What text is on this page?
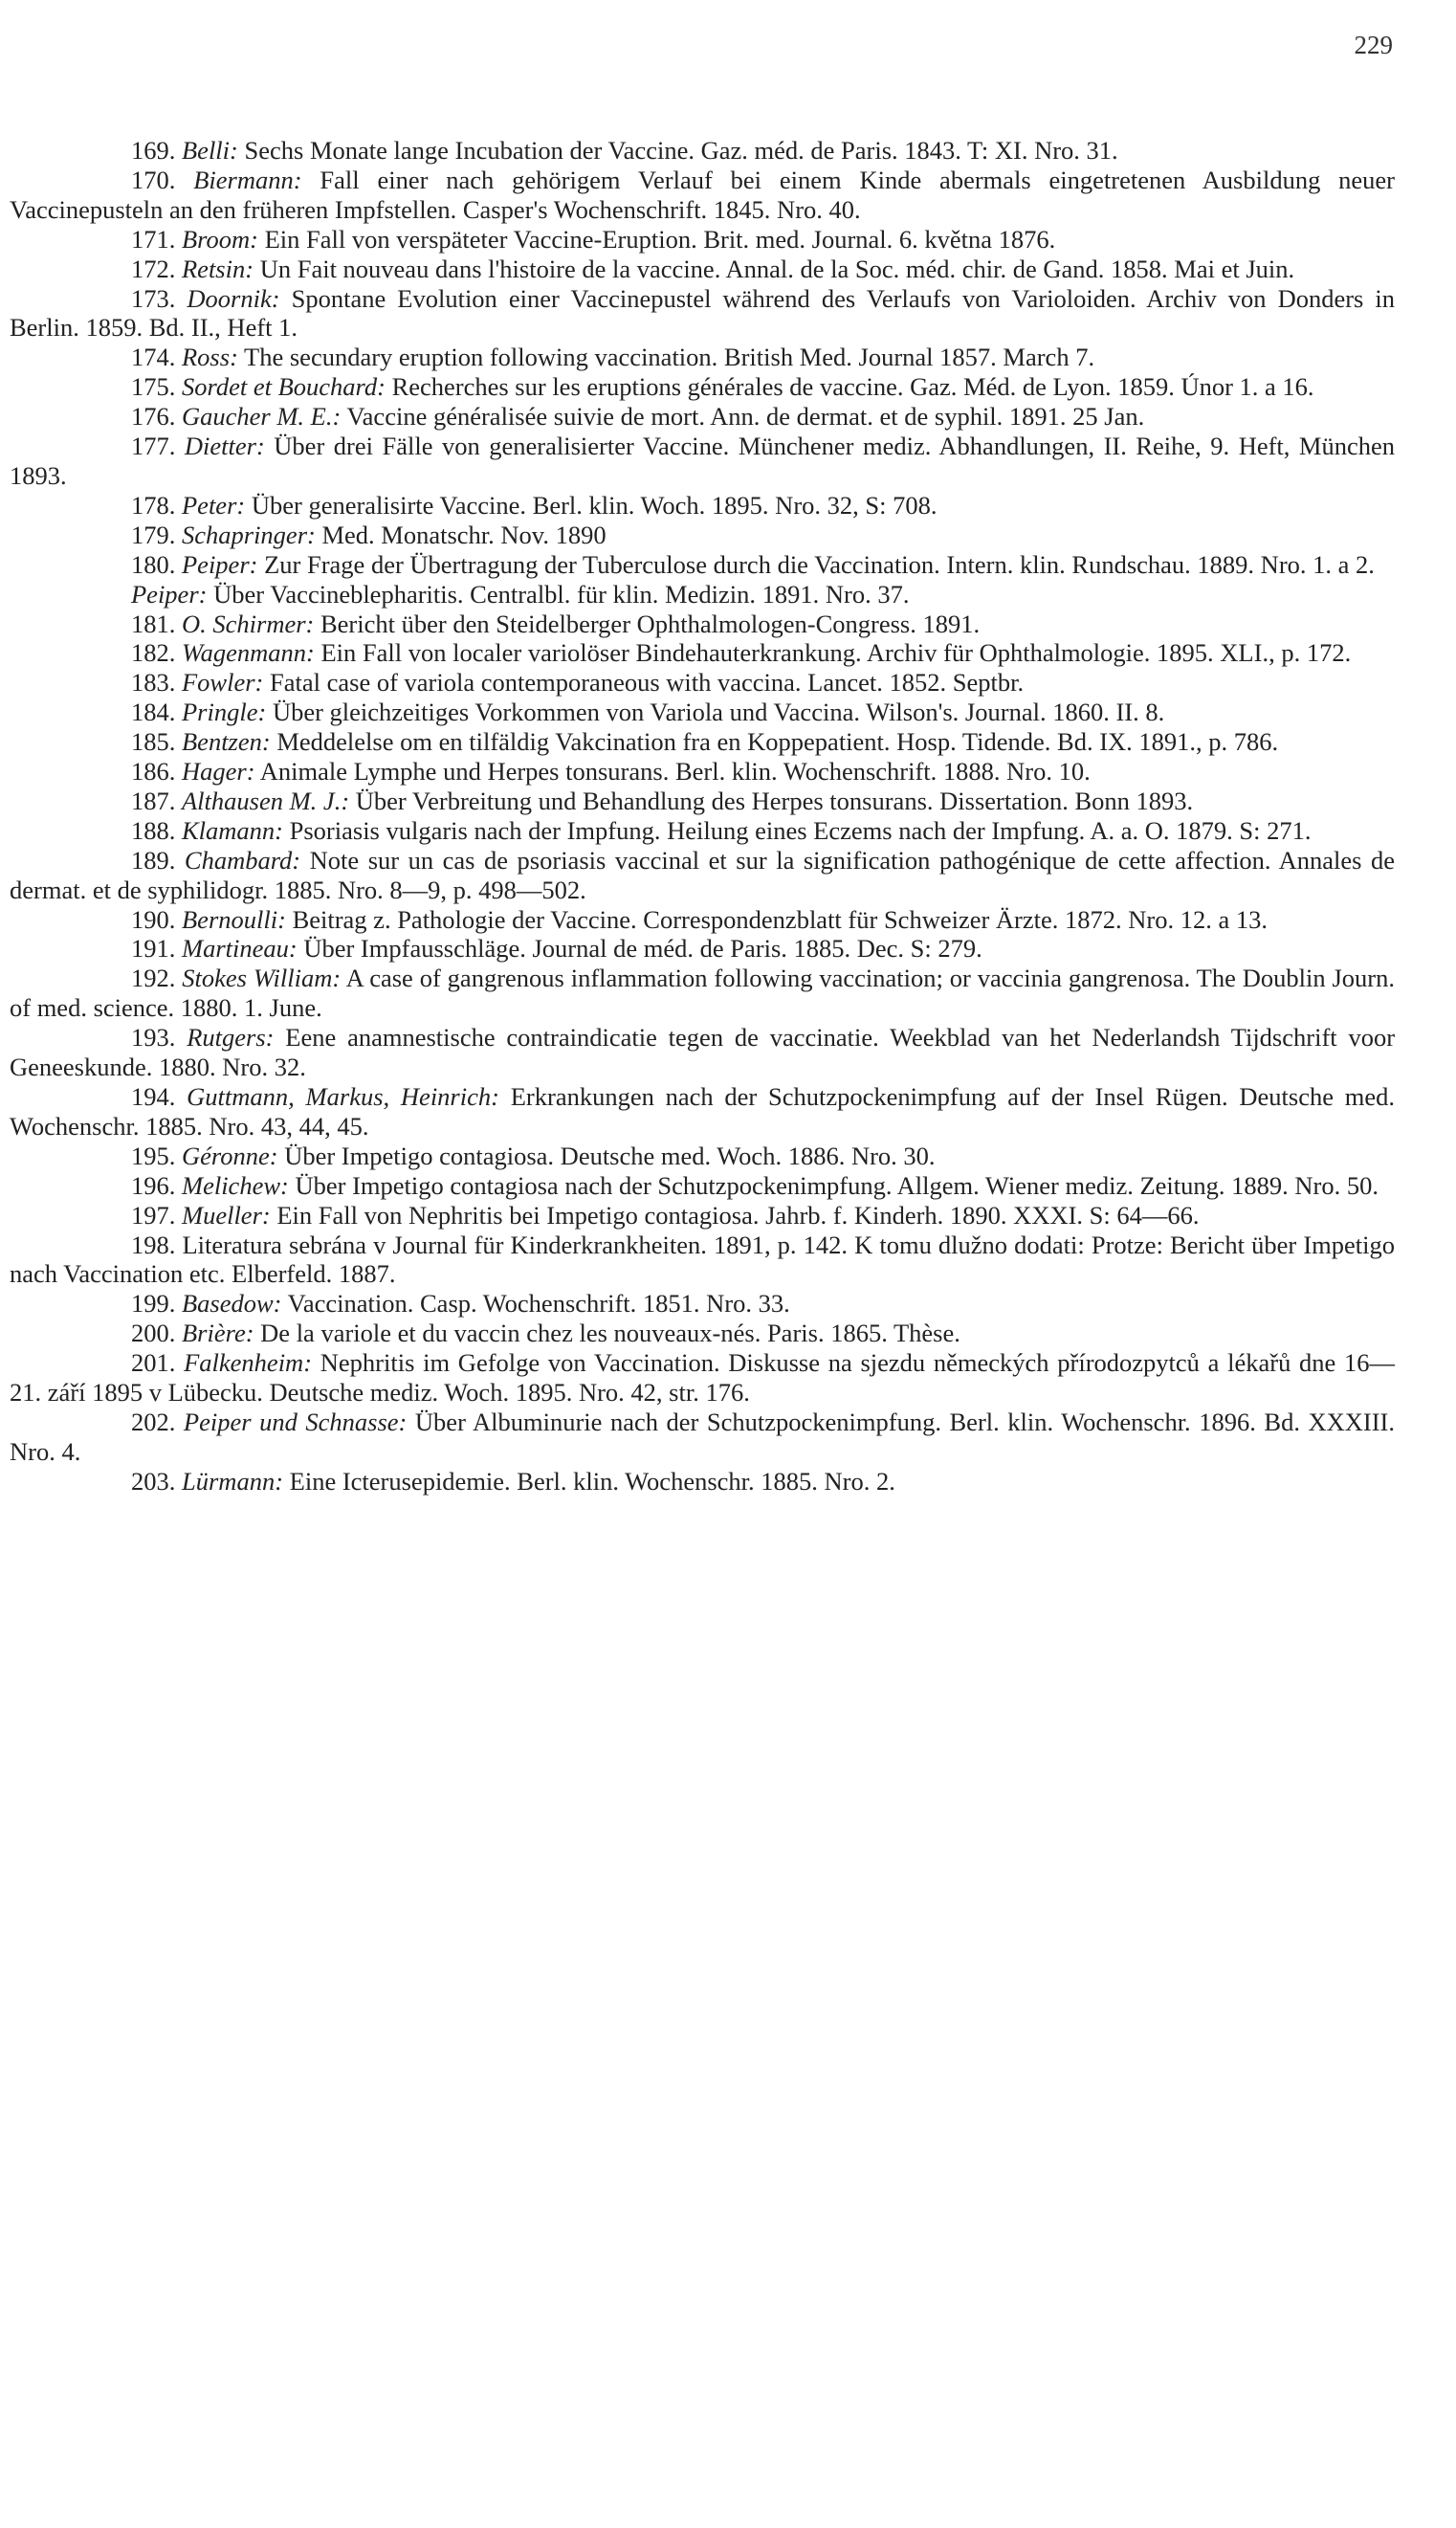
229

169. Belli: Sechs Monate lange Incubation der Vaccine. Gaz. méd. de Paris. 1843. T: XI. Nro. 31.

170. Biermann: Fall einer nach gehörigem Verlauf bei einem Kinde abermals eingetretenen Ausbildung neuer Vaccinepusteln an den früheren Impfstellen. Casper's Wochenschrift. 1845. Nro. 40.

171. Broom: Ein Fall von verspäteter Vaccine-Eruption. Brit. med. Journal. 6. května 1876.

172. Retsin: Un Fait nouveau dans l'histoire de la vaccine. Annal. de la Soc. méd. chir. de Gand. 1858. Mai et Juin.

173. Doornik: Spontane Evolution einer Vaccinepustel während des Verlaufs von Varioloiden. Archiv von Donders in Berlin. 1859. Bd. II., Heft 1.

174. Ross: The secundary eruption following vaccination. British Med. Journal 1857. March 7.

175. Sordet et Bouchard: Recherches sur les eruptions générales de vaccine. Gaz. Méd. de Lyon. 1859. Únor 1. a 16.

176. Gaucher M. E.: Vaccine généralisée suivie de mort. Ann. de dermat. et de syphil. 1891. 25 Jan.

177. Dietter: Über drei Fälle von generalisierter Vaccine. Münchener mediz. Abhandlungen, II. Reihe, 9. Heft, München 1893.

178. Peter: Über generalisirte Vaccine. Berl. klin. Woch. 1895. Nro. 32, S: 708.

179. Schapringer: Med. Monatschr. Nov. 1890

180. Peiper: Zur Frage der Übertragung der Tuberculose durch die Vaccination. Intern. klin. Rundschau. 1889. Nro. 1. a 2.

Peiper: Über Vaccineblepharitis. Centralbl. für klin. Medizin. 1891. Nro. 37.

181. O. Schirmer: Bericht über den Steidelberger Ophthalmologen-Congress. 1891.

182. Wagenmann: Ein Fall von localer variolöser Bindehauterkrankung. Archiv für Ophthalmologie. 1895. XLI., p. 172.

183. Fowler: Fatal case of variola contemporaneous with vaccina. Lancet. 1852. Septbr.

184. Pringle: Über gleichzeitiges Vorkommen von Variola und Vaccina. Wilson's. Journal. 1860. II. 8.

185. Bentzen: Meddelelse om en tilfäldig Vakcination fra en Koppepatient. Hosp. Tidende. Bd. IX. 1891., p. 786.

186. Hager: Animale Lymphe und Herpes tonsurans. Berl. klin. Wochenschrift. 1888. Nro. 10.

187. Althausen M. J.: Über Verbreitung und Behandlung des Herpes tonsurans. Dissertation. Bonn 1893.

188. Klamann: Psoriasis vulgaris nach der Impfung. Heilung eines Eczems nach der Impfung. A. a. O. 1879. S: 271.

189. Chambard: Note sur un cas de psoriasis vaccinal et sur la signification pathogénique de cette affection. Annales de dermat. et de syphilidogr. 1885. Nro. 8—9, p. 498—502.

190. Bernoulli: Beitrag z. Pathologie der Vaccine. Correspondenzblatt für Schweizer Ärzte. 1872. Nro. 12. a 13.

191. Martineau: Über Impfausschläge. Journal de méd. de Paris. 1885. Dec. S: 279.

192. Stokes William: A case of gangrenous inflammation following vaccination; or vaccinia gangrenosa. The Doublin Journ. of med. science. 1880. 1. June.

193. Rutgers: Eene anamnestische contraindicatie tegen de vaccinatie. Weekblad van het Nederlandsh Tijdschrift voor Geneeskunde. 1880. Nro. 32.

194. Guttmann, Markus, Heinrich: Erkrankungen nach der Schutzpockenimpfung auf der Insel Rügen. Deutsche med. Wochenschr. 1885. Nro. 43, 44, 45.

195. Géronne: Über Impetigo contagiosa. Deutsche med. Woch. 1886. Nro. 30.

196. Melichew: Über Impetigo contagiosa nach der Schutzpockenimpfung. Allgem. Wiener mediz. Zeitung. 1889. Nro. 50.

197. Mueller: Ein Fall von Nephritis bei Impetigo contagiosa. Jahrb. f. Kinderh. 1890. XXXI. S: 64—66.

198. Literatura sebrána v Journal für Kinderkrankheiten. 1891, p. 142. K tomu dlužno dodati: Protze: Bericht über Impetigo nach Vaccination etc. Elberfeld. 1887.

199. Basedow: Vaccination. Casp. Wochenschrift. 1851. Nro. 33.

200. Brière: De la variole et du vaccin chez les nouveaux-nés. Paris. 1865. Thèse.

201. Falkenheim: Nephritis im Gefolge von Vaccination. Diskusse na sjezdu německých přírodozpytců a lékařů dne 16—21. září 1895 v Lübecku. Deutsche mediz. Woch. 1895. Nro. 42, str. 176.

202. Peiper und Schnasse: Über Albuminurie nach der Schutzpockenimpfung. Berl. klin. Wochenschr. 1896. Bd. XXXIII. Nro. 4.

203. Lürmann: Eine Icterusepidemie. Berl. klin. Wochenschr. 1885. Nro. 2.
